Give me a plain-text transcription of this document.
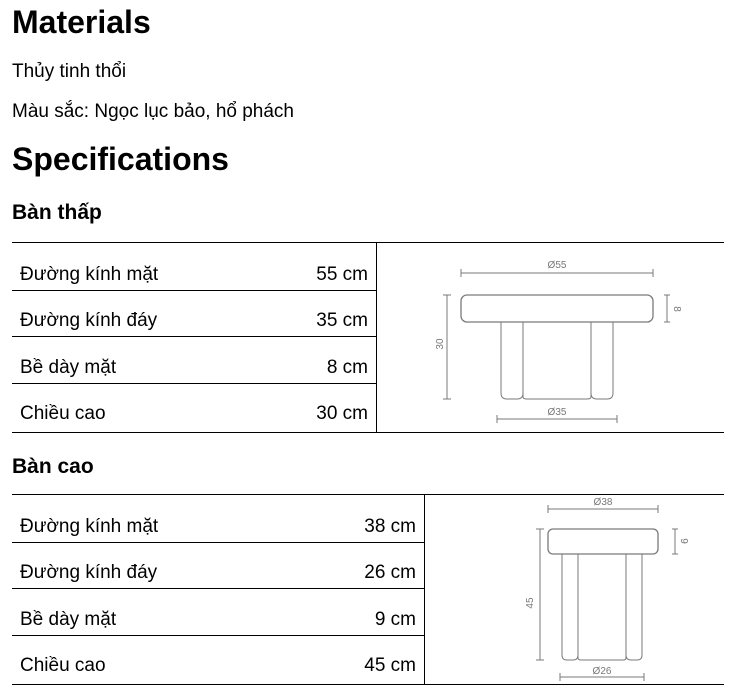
Materials

Thủy tinh thổi

Màu sắc: Ngọc lục bảo, hổ phách

Specifications
Bàn thấp
Đường kính mặt	55 cm
Đường kính đáy	35 cm
Bề dày mặt	8 cm
Chiều cao	30 cm
Ø55
Ø35
8
30
Bàn cao
Đường kính mặt	38 cm
Đường kính đáy	26 cm
Bề dày mặt	9 cm
Chiều cao	45 cm
Ø38
Ø26
9
45
